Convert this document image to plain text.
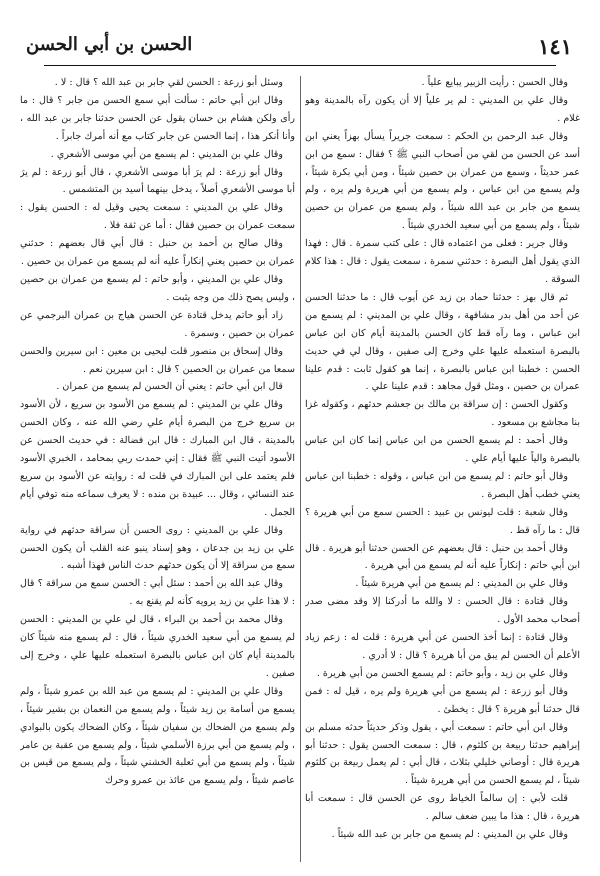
١٤١
الحسن بن أبي الحسن

وقال الحسن : رأيت الزبير يبايع علياً .

وقال علي بن المديني : لم ير علياً إلا أن يكون رآه بالمدينة وهو غلام .

وقال عبد الرحمن بن الحكم : سمعت جريراً يسأل بهزاً يعني ابن أسد عن الحسن من لقي من أصحاب النبي ﷺ ؟ فقال : سمع من ابن عمر حديثاً ، وسمع من عمران بن حصين شيئاً ، ومن أبي بكرة شيئاً ، ولم يسمع من ابن عباس ، ولم يسمع من أبي هريرة ولم يره ، ولم يسمع من جابر بن عبد الله شيئاً ، ولم يسمع من عمران بن حصين شيئاً ، ولم يسمع من أبي سعيد الخدري شيئاً .

وقال جرير : فعلى من اعتماده قال : على كتب سمرة . قال : فهذا الذي يقول أهل البصرة : حدثني سمرة ، سمعت يقول : قال : هذا كلام السوقة .

ثم قال بهز : حدثنا حماد بن زيد عن أيوب قال : ما حدثنا الحسن عن أحد من أهل بدر مشافهة ، وقال علي بن المديني : لم يسمع من ابن عباس ، وما رآه قط كان الحسن بالمدينة أيام كان ابن عباس بالبصرة استعمله عليها علي وخرج إلى صفين ، وقال لي في حديث الحسن : خطبنا ابن عباس بالبصرة ، إنما هو كقول ثابت : قدم علينا عمران بن حصين ، ومثل قول مجاهد : قدم علينا علي .

وكقول الحسن : إن سراقة بن مالك بن جعشم حدثهم ، وكقوله غزا بنا مجاشع بن مسعود .

وقال أحمد : لم يسمع الحسن من ابن عباس إنما كان ابن عباس بالبصرة والياً عليها أيام علي .

وقال أبو حاتم : لم يسمع من ابن عباس ، وقوله : خطبنا ابن عباس يعني خطب أهل البصرة .

وقال شعبة : قلت ليونس بن عبيد : الحسن سمع من أبي هريرة ؟ قال : ما رآه قط .

وقال أحمد بن حنبل : قال بعضهم عن الحسن حدثنا أبو هريرة . قال ابن أبي حاتم : إنكاراً عليه أنه لم يسمع من أبي هريرة .

وقال علي بن المديني : لم يسمع من أبي هريرة شيئاً .

وقال قتادة : قال الحسن : لا والله ما أدركنا إلا وقد مضى صدر أصحاب محمد الأول .

وقال قتادة : إنما أخذ الحسن عن أبي هريرة : قلت له : زعم زياد الأعلم أن الحسن لم يبق من أبا هريرة ؟ قال : لا أدري .

وقال علي بن زيد ، وأبو حاتم : لم يسمع الحسن من أبي هريرة .

وقال أبو زرعة : لم يسمع من أبي هريرة ولم يره ، قيل له : فمن قال حدثنا أبو هريرة ؟ قال : يخطئ .

وقال ابن أبي حاتم : سمعت أبي ، يقول وذكر حديثاً حدثه مسلم بن إبراهيم حدثنا ربيعة بن كلثوم ، قال : سمعت الحسن يقول : حدثنا أبو هريرة قال : أوصاني خليلي بثلاث ، قال أبي : لم يعمل ربيعة بن كلثوم شيئاً ، لم يسمع الحسن من أبي هريرة شيئاً .

قلت لأبي : إن سالماً الخياط روى عن الحسن قال : سمعت أبا هريرة ، قال : هذا ما يبين ضعف سالم .

وقال علي بن المديني : لم يسمع من جابر بن عبد الله شيئاً .

وسئل أبو زرعة : الحسن لقي جابر بن عبد الله ؟ قال : لا .

وقال ابن أبي حاتم : سألت أبي سمع الحسن من جابر ؟ قال : ما رأى ولكن هشام بن حسان يقول عن الحسن حدثنا جابر بن عبد الله ، وأنا أنكر هذا ، إنما الحسن عن جابر كتاب مع أنه أمرك جابراً .

وقال علي بن المديني : لم يسمع من أبي موسى الأشعري .

وقال أبو زرعة : لم يرَ أبا موسى الأشعري ، قال أبو زرعة : لم يرَ أبا موسى الأشعري أصلاً ، يدخل بينهما أسيد بن المتشمس .

وقال علي بن المديني : سمعت يحيى وقيل له : الحسن يقول : سمعت عمران بن حصين فقال : أما عن ثقة فلا .

وقال صالح بن أحمد بن حنبل : قال أبي قال بعضهم : حدثني عمران بن حصين يعني إنكاراً عليه أنه لم يسمع من عمران بن حصين .

وقال علي بن المديني ، وأبو حاتم : لم يسمع من عمران بن حصين ، وليس يصح ذلك من وجه يثبت .

زاد أبو حاتم يدخل قتادة عن الحسن هياج بن عمران البرجمي عن عمران بن حصين ، وسمرة .

وقال إسحاق بن منصور قلت ليحيى بن معين : ابن سيرين والحسن سمعا من عمران بن الحصين ؟ قال : ابن سيرين نعم .

قال ابن أبي حاتم : يعني أن الحسن لم يسمع من عمران .

وقال علي بن المديني : لم يسمع من الأسود بن سريع ، لأن الأسود بن سريع خرج من البصرة أيام علي رضي الله عنه ، وكان الحسن بالمدينة ، قال ابن المبارك : قال ابن فضالة : في حديث الحسن عن الأسود أتيت النبي ﷺ فقال : إني حمدت ربي بمحامد ، الخبري الأسود فلم يعتمد على ابن المبارك في قلت له : روايته عن الأسود بن سريع عند النسائي ، وقال ... عبيدة بن منده : لا يعرف سماعه منه توفي أيام الجمل .

وقال علي بن المديني : روى الحسن أن سراقة حدثهم في رواية علي بن زيد بن جدعان ، وهو إسناد ينبو عنه القلب أن يكون الحسن سمع من سراقة إلا أن يكون حدثهم حدث الناس فهذا أشبه .

وقال عبد الله بن أحمد : سئل أبي : الحسن سمع من سراقة ؟ قال : لا هذا علي بن زيد يرويه كأنه لم يقنع به .

وقال محمد بن أحمد بن البراء ، قال لي علي بن المديني : الحسن لم يسمع من أبي سعيد الخدري شيئاً ، قال : لم يسمع منه شيئاً كان بالمدينة أيام كان ابن عباس بالبصرة استعمله عليها علي ، وخرج إلى صفين .

وقال علي بن المديني : لم يسمع من عبد الله بن عمرو شيئاً ، ولم يسمع من أسامة بن زيد شيئاً ، ولم يسمع من النعمان بن بشير شيئاً ، ولم يسمع من الضحاك بن سفيان شيئاً ، وكان الضحاك يكون بالبوادي ، ولم يسمع من أبي برزة الأسلمي شيئاً ، ولم يسمع من عقبة بن عامر شيئاً ، ولم يسمع من أبي ثعلبة الخشني شيئاً ، ولم يسمع من قيس بن عاصم شيئاً ، ولم يسمع من عائذ بن عمرو وحرك
